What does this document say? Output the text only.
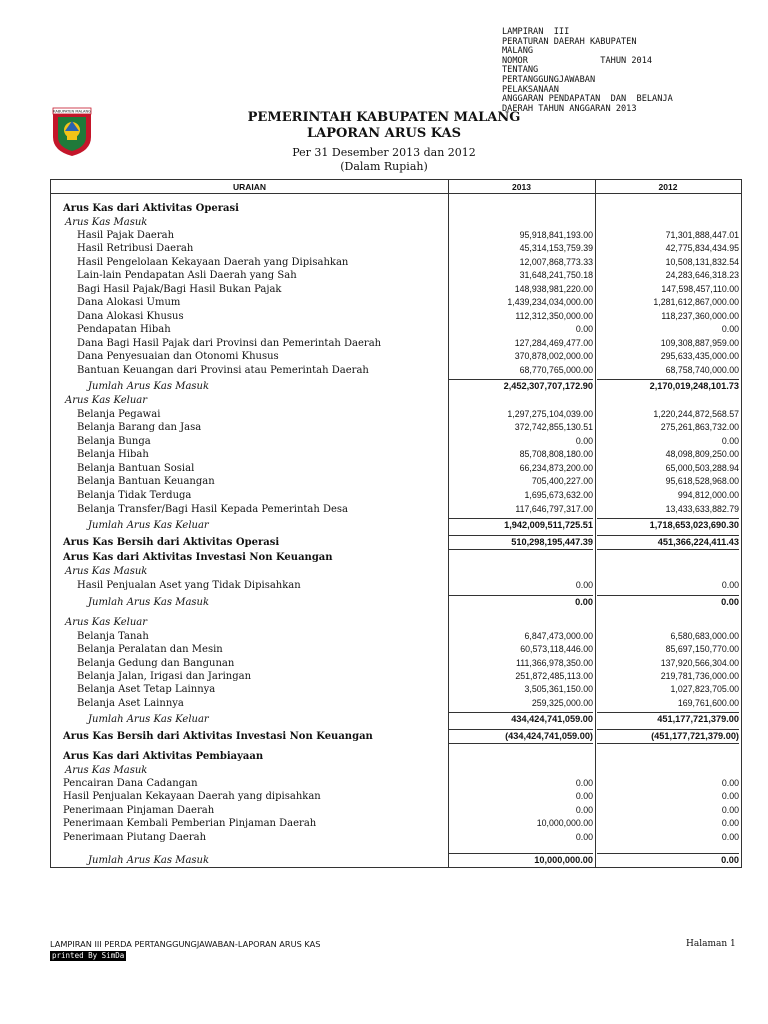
LAMPIRAN  III
PERATURAN DAERAH KABUPATEN
MALANG
NOMOR              TAHUN 2014
TENTANG
PERTANGGUNGJAWABAN
PELAKSANAAN
ANGGARAN PENDAPATAN  DAN  BELANJA
DAERAH TAHUN ANGGARAN 2013
KABUPATEN MALANG	PEMERINTAH KABUPATEN MALANG
LAPORAN ARUS KAS
Per 31 Desember 2013 dan 2012
(Dalam Rupiah)
URAIAN	2013	2012
Arus Kas dari Aktivitas Operasi
Arus Kas Masuk
Hasil Pajak Daerah	95,918,841,193.00	71,301,888,447.01
Hasil Retribusi Daerah	45,314,153,759.39	42,775,834,434.95
Hasil Pengelolaan Kekayaan Daerah yang Dipisahkan	12,007,868,773.33	10,508,131,832.54
Lain-lain Pendapatan Asli Daerah yang Sah	31,648,241,750.18	24,283,646,318.23
Bagi Hasil Pajak/Bagi Hasil Bukan Pajak	148,938,981,220.00	147,598,457,110.00
Dana Alokasi Umum	1,439,234,034,000.00	1,281,612,867,000.00
Dana Alokasi Khusus	112,312,350,000.00	118,237,360,000.00
Pendapatan Hibah	0.00	0.00
Dana Bagi Hasil Pajak dari Provinsi dan Pemerintah Daerah	127,284,469,477.00	109,308,887,959.00
Dana Penyesuaian dan Otonomi Khusus	370,878,002,000.00	295,633,435,000.00
Bantuan Keuangan dari Provinsi atau Pemerintah Daerah	68,770,765,000.00	68,758,740,000.00
Jumlah Arus Kas Masuk	2,452,307,707,172.90	2,170,019,248,101.73
Arus Kas Keluar
Belanja Pegawai	1,297,275,104,039.00	1,220,244,872,568.57
Belanja Barang dan Jasa	372,742,855,130.51	275,261,863,732.00
Belanja Bunga	0.00	0.00
Belanja Hibah	85,708,808,180.00	48,098,809,250.00
Belanja Bantuan Sosial	66,234,873,200.00	65,000,503,288.94
Belanja Bantuan Keuangan	705,400,227.00	95,618,528,968.00
Belanja Tidak Terduga	1,695,673,632.00	994,812,000.00
Belanja Transfer/Bagi Hasil Kepada Pemerintah Desa	117,646,797,317.00	13,433,633,882.79
Jumlah Arus Kas Keluar	1,942,009,511,725.51	1,718,653,023,690.30
Arus Kas Bersih dari Aktivitas Operasi	510,298,195,447.39	451,366,224,411.43
Arus Kas dari Aktivitas Investasi Non Keuangan
Arus Kas Masuk
Hasil Penjualan Aset yang Tidak Dipisahkan	0.00	0.00
Jumlah Arus Kas Masuk	0.00	0.00
Arus Kas Keluar
Belanja Tanah	6,847,473,000.00	6,580,683,000.00
Belanja Peralatan dan Mesin	60,573,118,446.00	85,697,150,770.00
Belanja Gedung dan Bangunan	111,366,978,350.00	137,920,566,304.00
Belanja Jalan, Irigasi dan Jaringan	251,872,485,113.00	219,781,736,000.00
Belanja Aset Tetap Lainnya	3,505,361,150.00	1,027,823,705.00
Belanja Aset Lainnya	259,325,000.00	169,761,600.00
Jumlah Arus Kas Keluar	434,424,741,059.00	451,177,721,379.00
Arus Kas Bersih dari Aktivitas Investasi Non Keuangan	(434,424,741,059.00)	(451,177,721,379.00)
Arus Kas dari Aktivitas Pembiayaan
Arus Kas Masuk
Pencairan Dana Cadangan	0.00	0.00
Hasil Penjualan Kekayaan Daerah yang dipisahkan	0.00	0.00
Penerimaan Pinjaman Daerah	0.00	0.00
Penerimaan Kembali Pemberian Pinjaman Daerah	10,000,000.00	0.00
Penerimaan Piutang Daerah	0.00	0.00
Jumlah Arus Kas Masuk	10,000,000.00	0.00
LAMPIRAN III PERDA PERTANGGUNGJAWABAN-LAPORAN ARUS KAS	Halaman 1
printed By SimDa
